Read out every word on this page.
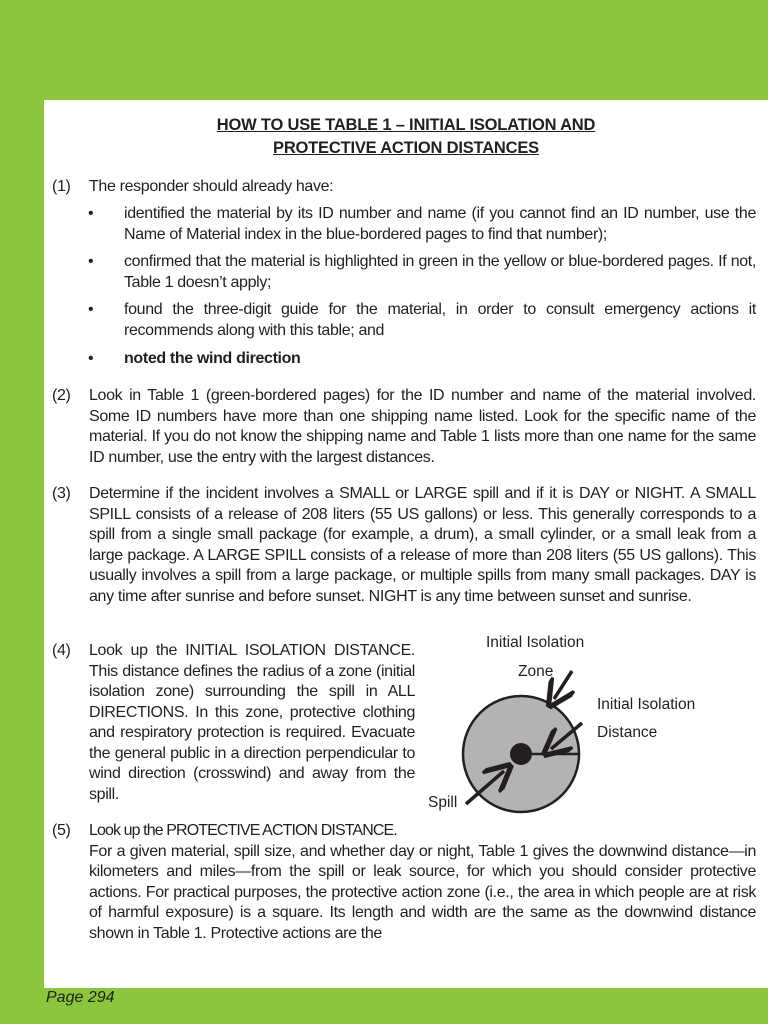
HOW TO USE TABLE 1 – INITIAL ISOLATION AND
PROTECTIVE ACTION DISTANCES
(1)	The responder should already have:
• identified the material by its ID number and name (if you cannot find an ID number, use the Name of Material index in the blue-bordered pages to find that number);
• confirmed that the material is highlighted in green in the yellow or blue-bordered pages. If not, Table 1 doesn’t apply;
• found the three-digit guide for the material, in order to consult emergency actions it recommends along with this table; and
• noted the wind direction
(2)	Look in Table 1 (green-bordered pages) for the ID number and name of the material involved. Some ID numbers have more than one shipping name listed. Look for the specific name of the material. If you do not know the shipping name and Table 1 lists more than one name for the same ID number, use the entry with the largest distances.
(3)	Determine if the incident involves a SMALL or LARGE spill and if it is DAY or NIGHT. A SMALL SPILL consists of a release of 208 liters (55 US gallons) or less. This generally corresponds to a spill from a single small package (for example, a drum), a small cylinder, or a small leak from a large package. A LARGE SPILL consists of a release of more than 208 liters (55 US gallons). This usually involves a spill from a large package, or multiple spills from many small packages. DAY is any time after sunrise and before sunset. NIGHT is any time between sunset and sunrise.
(4)	Look up the INITIAL ISOLATION DISTANCE. This distance defines the radius of a zone (initial isolation zone) surrounding the spill in ALL DIRECTIONS. In this zone, protective clothing and respiratory protection is required. Evacuate the general public in a direction perpendicular to wind direction (crosswind) and away from the spill.
(5)	Look up the PROTECTIVE ACTION DISTANCE.
For a given material, spill size, and whether day or night, Table 1 gives the downwind distance—in kilometers and miles—from the spill or leak source, for which you should consider protective actions. For practical purposes, the protective action zone (i.e., the area in which people are at risk of harmful exposure) is a square. Its length and width are the same as the downwind distance shown in Table 1. Protective actions are the
Initial Isolation
Zone
Initial Isolation
Distance
Spill
Page 294
